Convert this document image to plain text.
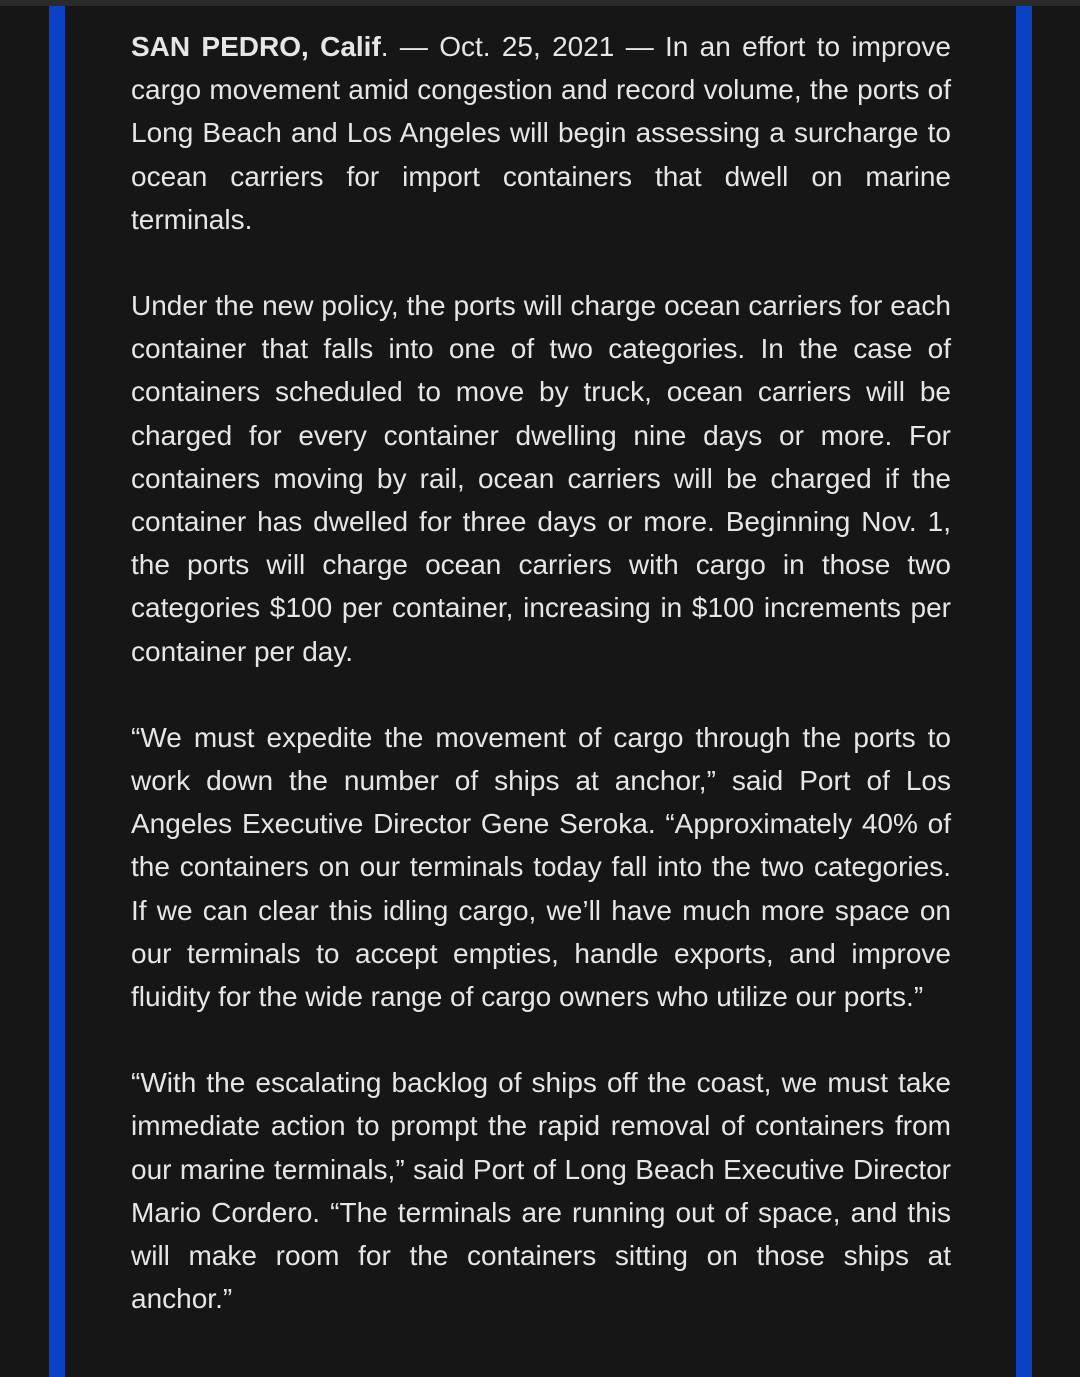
SAN PEDRO, Calif. — Oct. 25, 2021 — In an effort to improve cargo movement amid congestion and record volume, the ports of Long Beach and Los Angeles will begin assessing a surcharge to ocean carriers for import containers that dwell on marine terminals.

Under the new policy, the ports will charge ocean carriers for each container that falls into one of two categories. In the case of containers scheduled to move by truck, ocean carriers will be charged for every container dwelling nine days or more. For containers moving by rail, ocean carriers will be charged if the container has dwelled for three days or more. Beginning Nov. 1, the ports will charge ocean carriers with cargo in those two categories $100 per container, increasing in $100 increments per container per day.

“We must expedite the movement of cargo through the ports to work down the number of ships at anchor,” said Port of Los Angeles Executive Director Gene Seroka. “Approximately 40% of the containers on our terminals today fall into the two categories. If we can clear this idling cargo, we’ll have much more space on our terminals to accept empties, handle exports, and improve fluidity for the wide range of cargo owners who utilize our ports.”

“With the escalating backlog of ships off the coast, we must take immediate action to prompt the rapid removal of containers from our marine terminals,” said Port of Long Beach Executive Director Mario Cordero. “The terminals are running out of space, and this will make room for the containers sitting on those ships at anchor.”
